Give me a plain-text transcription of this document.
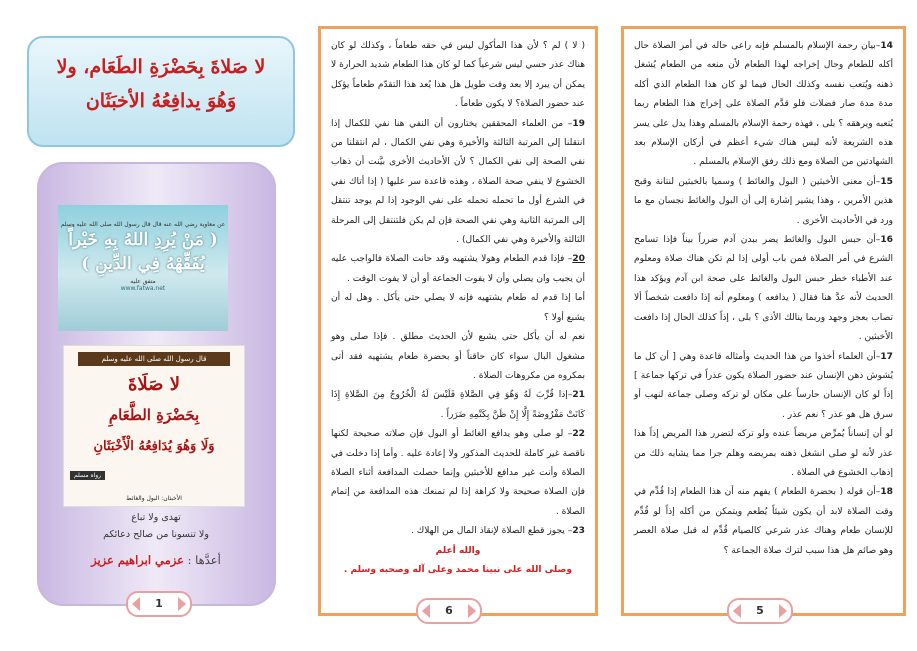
لا صَلاةَ بِحَضْرَةِ الطَعَام، ولا
وَهُوَ يدافِعُهُ الأخبَثَان
عن معاوية رضي الله عنه قال قال رسول الله صلى الله عليه وسلم
( مَنْ يُرِدِ اللهُ بِهِ خَيْراً
يُفَقِّهْهُ فِي الدِّينِ )
متفق عليه
www.fatwa.net
قال رسول الله صلى الله عليه وسلم
لا صَلَاةَ
بِحَضْرَةِ الطَّعَامِ
وَلَا وَهُوَ يُدَافِعُهُ الْأَخْبَثَانِ
رواه مسلم
الأخبثان: البول والغائط
تهدى ولا تباع
ولا تنسونا من صالح دعائكم
أعدَّها : عزمي ابراهيم عزيز
1

( لا ) لم ؟ لأن هذا المأكول ليس في حقه طعاماً ، وكذلك لو كان هناك عذر حسي ليس شرعياً كما لو كان هذا الطعام شديد الحرارة لا يمكن أن يبرد إلا بعد وقت طويل هل هذا يُعد هذا التقدّم طعاماً يؤكل عند حضور الصلاة؟ لا يكون طعاماً .

19– من العلماء المحققين يختارون أن النفي هنا نفي للكمال إذا انتقلنا إلى المرتبة الثالثة والأخيرة وهي نفي الكمال ، لم انتقلنا من نفي الصحة إلى نفي الكمال ؟ لأن الأحاديث الأخرى بيَّنت أن ذهاب الخشوع لا ينفي صحة الصلاة ، وهذه قاعدة سر عليها ( إذا أتاك نفي في الشرع أول ما تحمله تحمله على نفي الوجود إذا لم يوجد تنتقل إلى المرتبة الثانية وهي نفي الصحة فإن لم يكن فلتنتقل إلى المرحلة الثالثة والأخيرة وهي نفي الكمال) .

20– فإذا قدم الطعام وهولا يشتهيه وقد حانت الصلاة فالواجب عليه أن يجيب وان يصلي وأن لا يفوت الجماعة أو أن لا يفوت الوقت .

أما إذا قدم له طعام يشتهيه فإنه لا يصلي حتى يأكل . وهل له أن يشبع أولا ؟

نعم له أن يأكل حتى يشبع لأن الحديث مطلق . فإذا صلى وهو مشغول البال سواء كان حاقناً أو بحضرة طعام يشتهيه فقد أتى بمكروه من مكروهات الصلاة .

21–إذا قُرِّبَ لَهُ وَهُوَ فِي الصَّلاةِ فَلَيْسَ لَهُ الْخُرُوجُ مِنَ الصَّلاةِ إِذَا كَانَتْ مَفْرُوضَةً إِلَّا إِنْ ظَنَّ بِكَتْمِهِ ضَرَراً .

22– لو صلى وهو يدافع الغائط أو البول فإن صلاته صحيحة لكنها ناقصة غير كاملة للحديث المذكور ولا إعادة عليه . وأما إذا دخلت في الصلاة وأنت غير مدافع للأخبثين وإنما حصلت المدافعة أثناء الصلاة فإن الصلاة صحيحة ولا كراهة إذا لم تمنعك هذه المدافعة من إتمام الصلاة .

23– يجوز قطع الصلاة لإنقاذ المال من الهلاك .

والله أعلم

وصلى الله على نبينا محمد وعلى آله وصحبه وسلم .

6

14–بيان رحمة الإسلام بالمسلم فإنه راعى حاله في أمر الصلاة حال أكله للطعام وحال إخراجه لهذا الطعام لأن منعه من الطعام يُشغل ذهنه ويُتعب نفسه وكذلك الحال فيما لو كان هذا الطعام الذي أكله مدة مدة صار فضلات فلو قدَّم الصلاة على إخراج هذا الطعام ربما يُتعبه ويرهقه ؟ بلى ، فهذه رحمة الإسلام بالمسلم وهذا يدل على يسر هذه الشريعة لأنه ليس هناك شيء أعظم في أركان الإسلام بعد الشهادتين من الصلاة ومع ذلك رفق الإسلام بالمسلم .

15–أن معنى الأخبثين ( البول والغائط ) وسميا بالخبثين لنتانة وقبح هذين الأمرين ، وهذا يشير إشارة إلى أن البول والغائط نجسان مع ما ورد في الأحاديث الأخرى .

16–أن حبس البول والغائط يضر ببدن آدم ضرراً بيناً فإذا تسامح الشرع في أمر الصلاة فمن باب أولى إذا لم تكن هناك صلاة ومعلوم عند الأطباء خطر حبس البول والغائط على صحة ابن آدم ويؤكد هذا الحديث لأنه عدَّ هنا فقال ( يدافعه ) ومعلوم أنه إذا دافعت شخصاً ألا تصاب بعجز وجهد وربما ينالك الأذى ؟ بلى ، إذاً كذلك الحال إذا دافعت الأخبثين .

17–أن العلماء أخذوا من هذا الحديث وأمثاله قاعدة وهي [ أن كل ما يُشوش ذهن الإنسان عند حضور الصلاة يكون عذراً في تركها جماعة ] إذاً لو كان الإنسان حارساً على مكان لو تركه وصلى جماعة لنهب أو سرق هل هو عذر ؟ نعم عذر .

لو أن إنساناً يُمرِّض مريضاً عنده ولو تركه لتضرر هذا المريض إذاً هذا عذر لأنه لو صلى انشغل ذهنه بمريضه وهلم جرا مما يشابه ذلك من إذهاب الخشوع في الصلاة .

18–أن قوله ( بحضرة الطعام ) يفهم منه أن هذا الطعام إذا قُدِّم في وقت الصلاة لابد أن يكون شيئاً يُطعم ويتمكن من أكله إذاً لو قُدِّم للإنسان طعام وهناك عذر شرعي كالصيام قُدِّم له قبل صلاة العصر وهو صائم هل هذا سبب لترك صلاة الجماعة ؟

5
